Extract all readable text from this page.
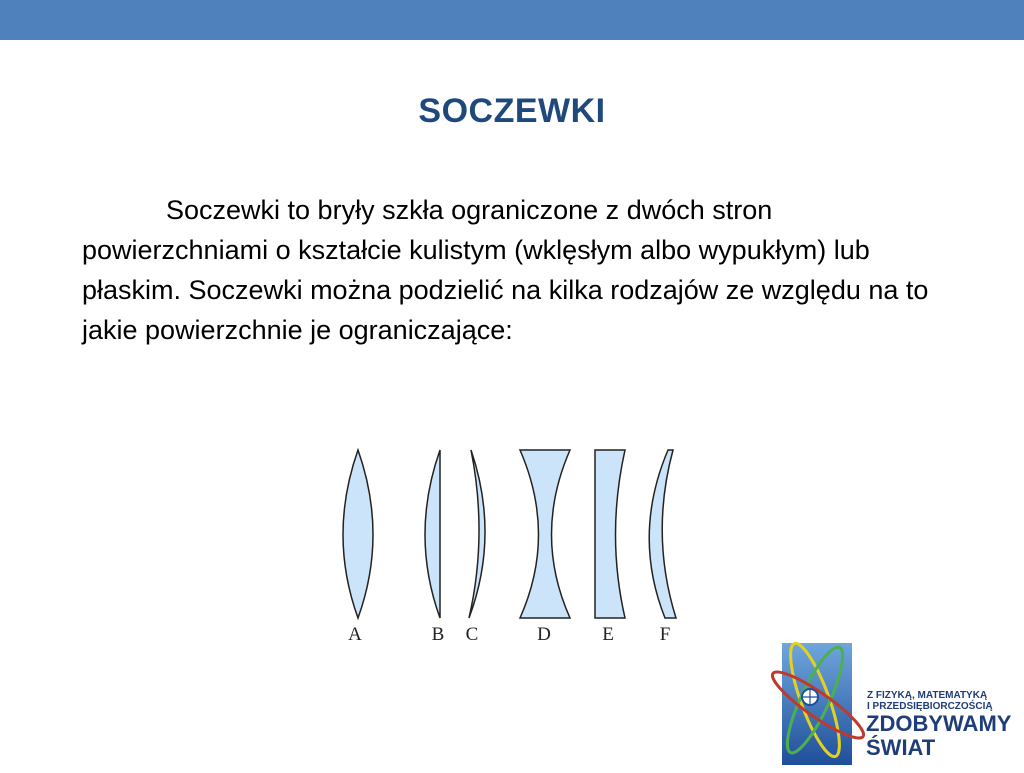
SOCZEWKI
Soczewki to bryły szkła ograniczone z dwóch stron powierzchniami o kształcie kulistym (wklęsłym albo wypukłym) lub płaskim. Soczewki można podzielić na kilka rodzajów ze względu na to jakie powierzchnie je ograniczające:
A	B C	D	E F
Z FIZYKĄ, MATEMATYKĄ
I PRZEDSIĘBIORCZOŚCIĄ
ZDOBYWAMY
ŚWIAT
